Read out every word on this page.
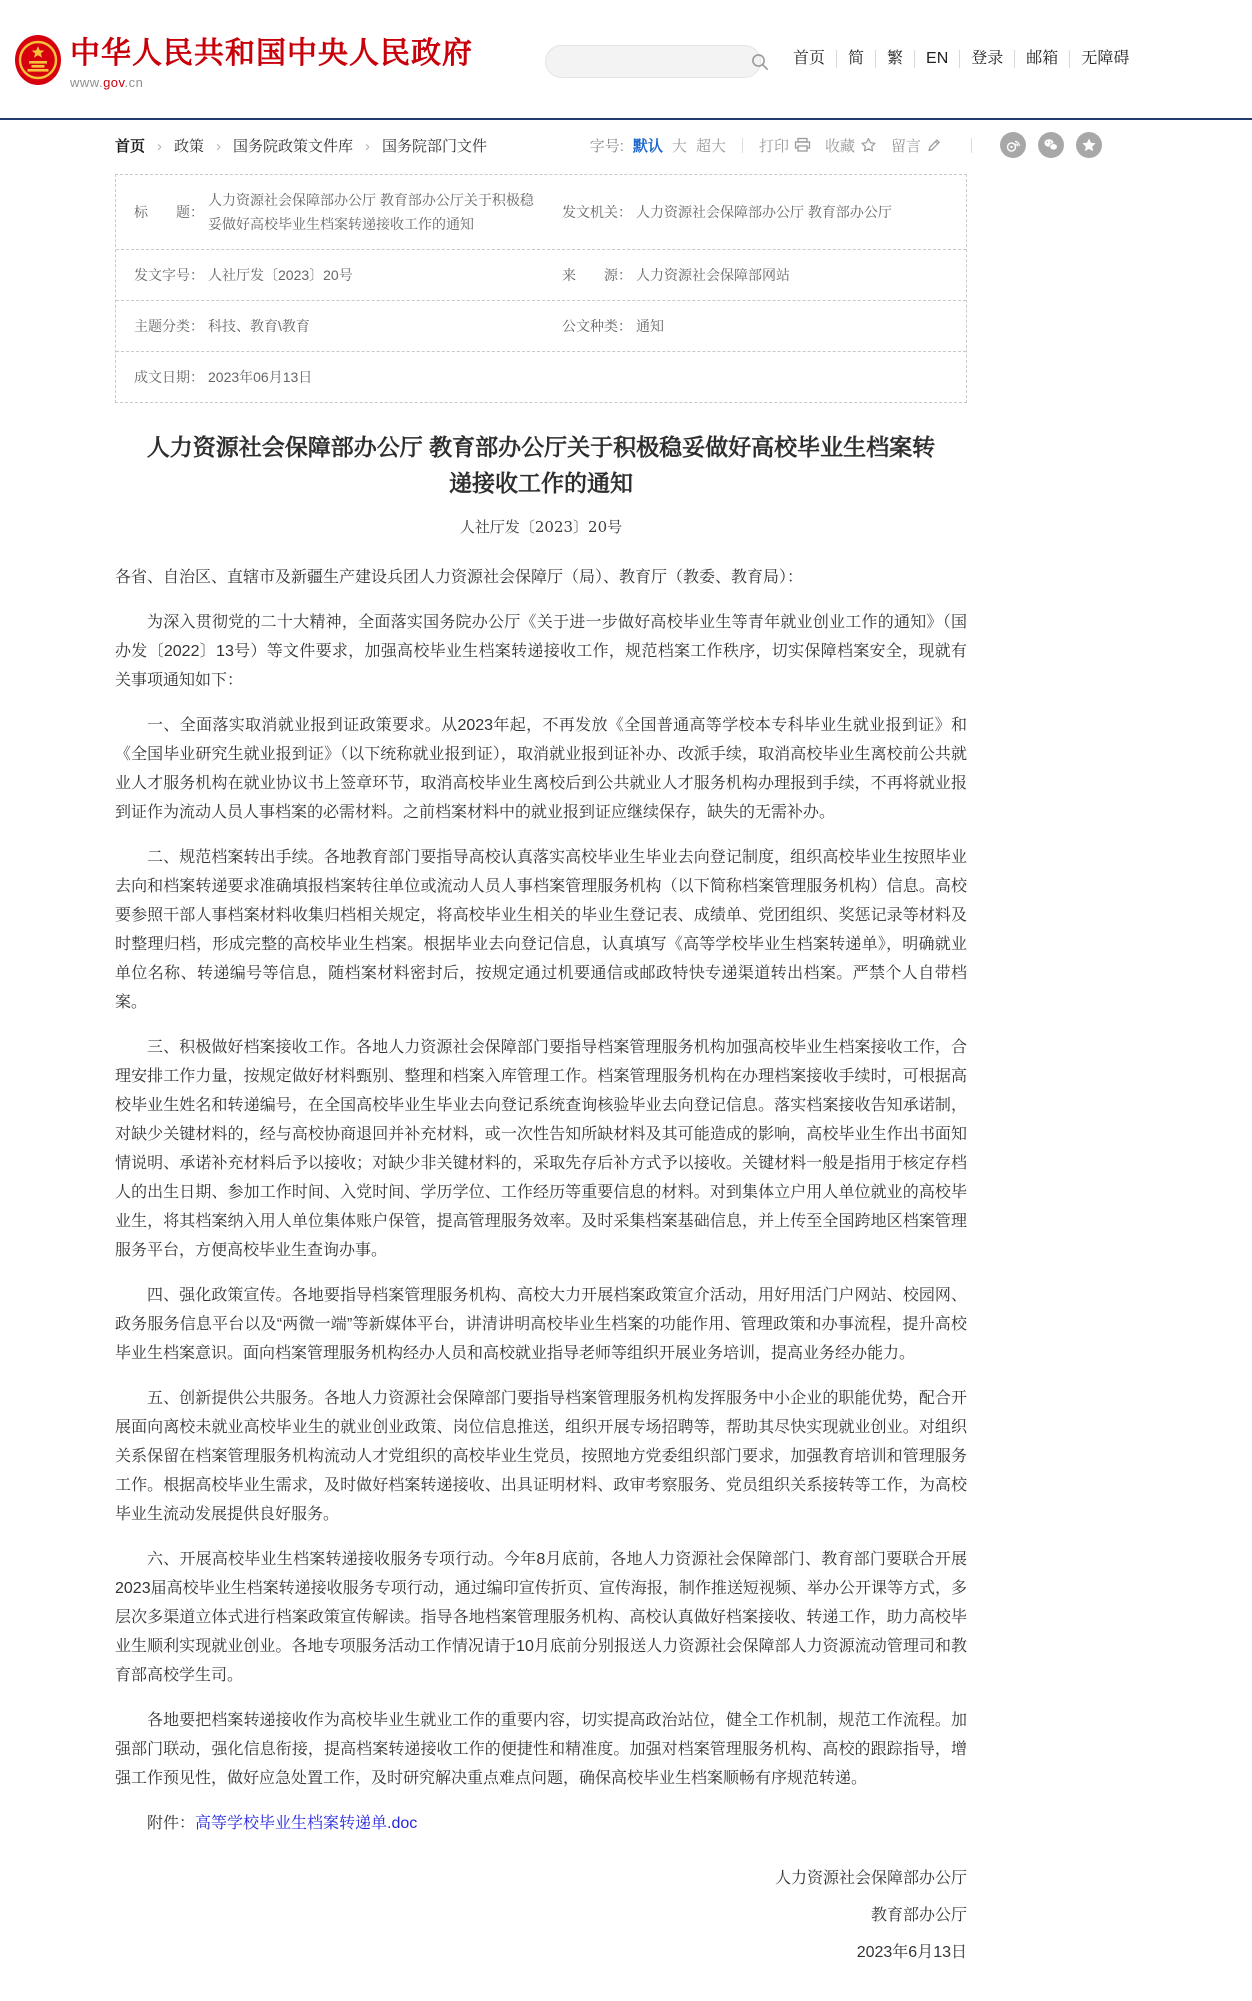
中华人民共和国中央人民政府
www.gov.cn
首页	简	繁	EN	登录	邮箱	无障碍
首页	› 政策	› 国务院政策文件库	› 国务院部门文件	字号: 默认 大 超大 打印 收藏 留言
标　　题：
人力资源社会保障部办公厅 教育部办公厅关于积极稳妥做好高校毕业生档案转递接收工作的通知
发文机关： 人力资源社会保障部办公厅 教育部办公厅
发文字号： 人社厅发〔2023〕20号	来　　源： 人力资源社会保障部网站
主题分类： 科技、教育\教育	公文种类： 通知
成文日期： 2023年06月13日
人力资源社会保障部办公厅 教育部办公厅关于积极稳妥做好高校毕业生档案转递接收工作的通知
人社厅发〔2023〕20号

各省、自治区、直辖市及新疆生产建设兵团人力资源社会保障厅（局）、教育厅（教委、教育局）：

为深入贯彻党的二十大精神，全面落实国务院办公厅《关于进一步做好高校毕业生等青年就业创业工作的通知》（国办发〔2022〕13号）等文件要求，加强高校毕业生档案转递接收工作，规范档案工作秩序，切实保障档案安全，现就有关事项通知如下：

一、全面落实取消就业报到证政策要求。从2023年起，不再发放《全国普通高等学校本专科毕业生就业报到证》和《全国毕业研究生就业报到证》（以下统称就业报到证），取消就业报到证补办、改派手续，取消高校毕业生离校前公共就业人才服务机构在就业协议书上签章环节，取消高校毕业生离校后到公共就业人才服务机构办理报到手续，不再将就业报到证作为流动人员人事档案的必需材料。之前档案材料中的就业报到证应继续保存，缺失的无需补办。

二、规范档案转出手续。各地教育部门要指导高校认真落实高校毕业生毕业去向登记制度，组织高校毕业生按照毕业去向和档案转递要求准确填报档案转往单位或流动人员人事档案管理服务机构（以下简称档案管理服务机构）信息。高校要参照干部人事档案材料收集归档相关规定，将高校毕业生相关的毕业生登记表、成绩单、党团组织、奖惩记录等材料及时整理归档，形成完整的高校毕业生档案。根据毕业去向登记信息，认真填写《高等学校毕业生档案转递单》，明确就业单位名称、转递编号等信息，随档案材料密封后，按规定通过机要通信或邮政特快专递渠道转出档案。严禁个人自带档案。

三、积极做好档案接收工作。各地人力资源社会保障部门要指导档案管理服务机构加强高校毕业生档案接收工作，合理安排工作力量，按规定做好材料甄别、整理和档案入库管理工作。档案管理服务机构在办理档案接收手续时，可根据高校毕业生姓名和转递编号，在全国高校毕业生毕业去向登记系统查询核验毕业去向登记信息。落实档案接收告知承诺制，对缺少关键材料的，经与高校协商退回并补充材料，或一次性告知所缺材料及其可能造成的影响，高校毕业生作出书面知情说明、承诺补充材料后予以接收；对缺少非关键材料的，采取先存后补方式予以接收。关键材料一般是指用于核定存档人的出生日期、参加工作时间、入党时间、学历学位、工作经历等重要信息的材料。对到集体立户用人单位就业的高校毕业生，将其档案纳入用人单位集体账户保管，提高管理服务效率。及时采集档案基础信息，并上传至全国跨地区档案管理服务平台，方便高校毕业生查询办事。

四、强化政策宣传。各地要指导档案管理服务机构、高校大力开展档案政策宣介活动，用好用活门户网站、校园网、政务服务信息平台以及“两微一端”等新媒体平台，讲清讲明高校毕业生档案的功能作用、管理政策和办事流程，提升高校毕业生档案意识。面向档案管理服务机构经办人员和高校就业指导老师等组织开展业务培训，提高业务经办能力。

五、创新提供公共服务。各地人力资源社会保障部门要指导档案管理服务机构发挥服务中小企业的职能优势，配合开展面向离校未就业高校毕业生的就业创业政策、岗位信息推送，组织开展专场招聘等，帮助其尽快实现就业创业。对组织关系保留在档案管理服务机构流动人才党组织的高校毕业生党员，按照地方党委组织部门要求，加强教育培训和管理服务工作。根据高校毕业生需求，及时做好档案转递接收、出具证明材料、政审考察服务、党员组织关系接转等工作，为高校毕业生流动发展提供良好服务。

六、开展高校毕业生档案转递接收服务专项行动。今年8月底前，各地人力资源社会保障部门、教育部门要联合开展2023届高校毕业生档案转递接收服务专项行动，通过编印宣传折页、宣传海报，制作推送短视频、举办公开课等方式，多层次多渠道立体式进行档案政策宣传解读。指导各地档案管理服务机构、高校认真做好档案接收、转递工作，助力高校毕业生顺利实现就业创业。各地专项服务活动工作情况请于10月底前分别报送人力资源社会保障部人力资源流动管理司和教育部高校学生司。

各地要把档案转递接收作为高校毕业生就业工作的重要内容，切实提高政治站位，健全工作机制，规范工作流程。加强部门联动，强化信息衔接，提高档案转递接收工作的便捷性和精准度。加强对档案管理服务机构、高校的跟踪指导，增强工作预见性，做好应急处置工作，及时研究解决重点难点问题，确保高校毕业生档案顺畅有序规范转递。

附件：高等学校毕业生档案转递单.doc

人力资源社会保障部办公厅
教育部办公厅
2023年6月13日
